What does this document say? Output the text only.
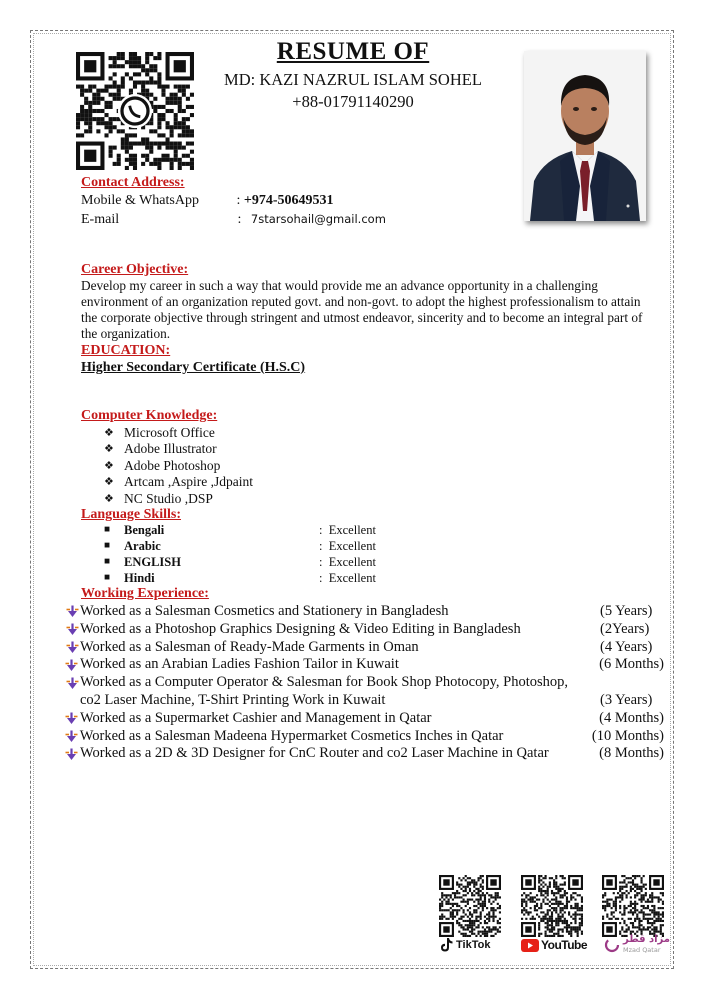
RESUME OF
MD: KAZI NAZRUL ISLAM SOHEL
+88-01791140290
Contact Address:
Mobile & WhatsApp	: +974-50649531
E-mail	: 7starsohail@gmail.com
Career Objective:
Develop my career in such a way that would provide me an advance opportunity in a challenging environment of an organization reputed govt. and non-govt. to adopt the highest professionalism to attain the corporate objective through stringent and utmost endeavor, sincerity and to become an integral part of the organization.
EDUCATION:
Higher Secondary Certificate (H.S.C)
Computer Knowledge:
❖ Microsoft Office
❖ Adobe Illustrator
❖ Adobe Photoshop
❖ Artcam ,Aspire ,Jdpaint
❖ NC Studio ,DSP
Language Skills:
■	Bengali	: Excellent
■	Arabic	: Excellent
■	ENGLISH	: Excellent
■	Hindi	: Excellent
Working Experience:
Worked as a Salesman Cosmetics and Stationery in Bangladesh	(5 Years)
Worked as a Photoshop Graphics Designing & Video Editing in Bangladesh	(2Years)
Worked as a Salesman of Ready-Made Garments in Oman	(4 Years)
Worked as an Arabian Ladies Fashion Tailor in Kuwait	(6 Months)
Worked as a Computer Operator & Salesman for Book Shop Photocopy, Photoshop,
co2 Laser Machine, T-Shirt Printing Work in Kuwait	(3 Years)
Worked as a Supermarket Cashier and Management in Qatar	(4 Months)
Worked as a Salesman Madeena Hypermarket Cosmetics Inches in Qatar	(10 Months)
Worked as a 2D & 3D Designer for CnC Router and co2 Laser Machine in Qatar	(8 Months)
TikTok	YouTube	مزاد قطر
Mzad Qatar
